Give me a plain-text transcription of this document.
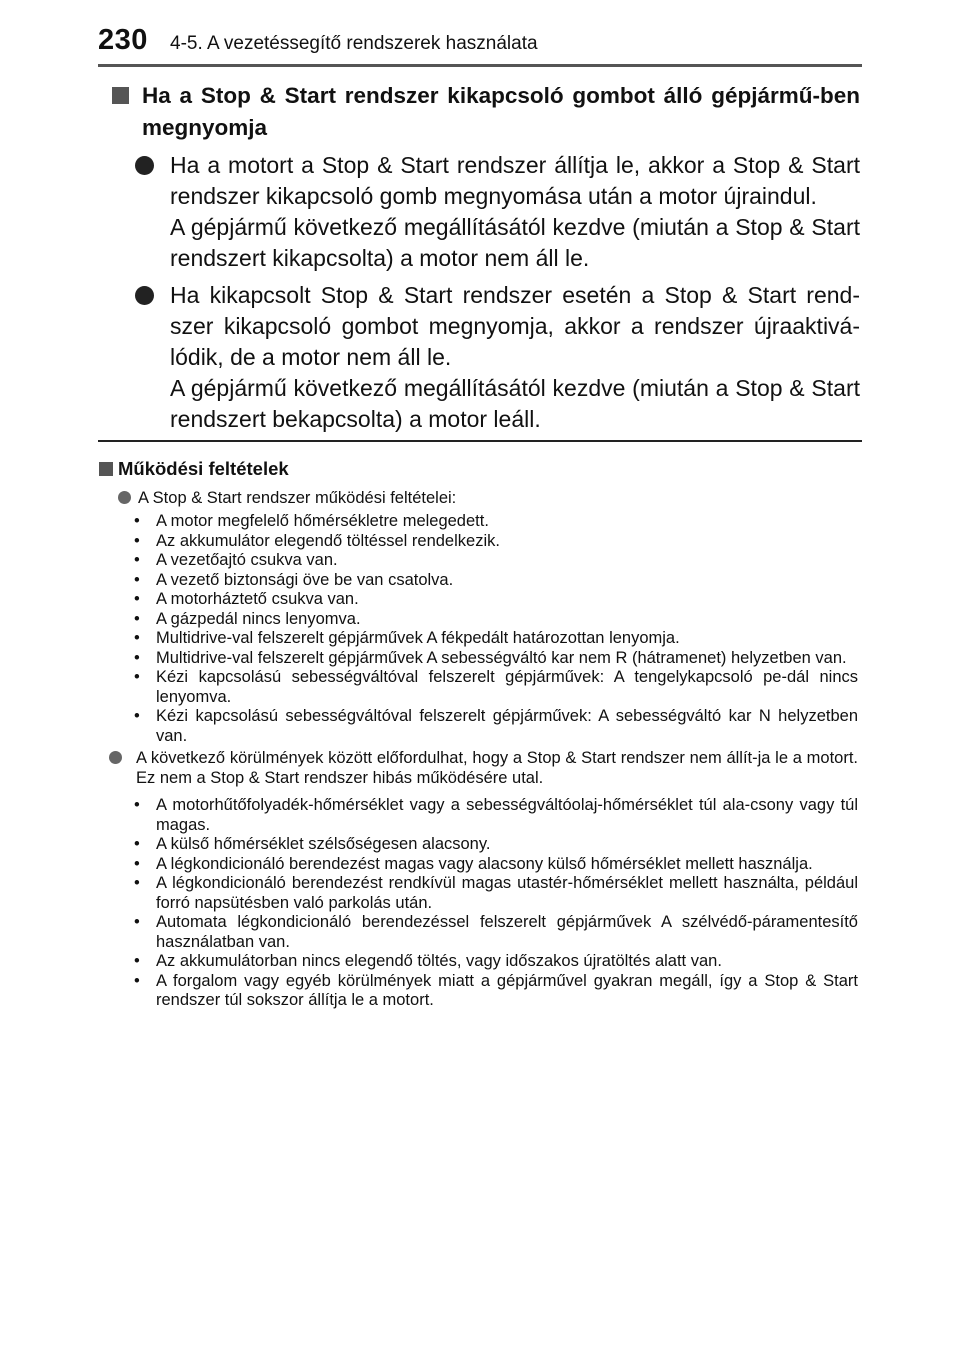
230 4-5. A vezetéssegítő rendszerek használata
Ha a Stop & Start rendszer kikapcsoló gombot álló gépjármű-ben megnyomja

Ha a motort a Stop & Start rendszer állítja le, akkor a Stop & Start rendszer kikapcsoló gomb megnyomása után a motor újraindul.

A gépjármű következő megállításától kezdve (miután a Stop & Start rendszert kikapcsolta) a motor nem áll le.

Ha kikapcsolt Stop & Start rendszer esetén a Stop & Start rend-szer kikapcsoló gombot megnyomja, akkor a rendszer újraaktivá-lódik, de a motor nem áll le.

A gépjármű következő megállításától kezdve (miután a Stop & Start rendszert bekapcsolta) a motor leáll.

Működési feltételek
A Stop & Start rendszer működési feltételei:
• A motor megfelelő hőmérsékletre melegedett.
• Az akkumulátor elegendő töltéssel rendelkezik.
• A vezetőajtó csukva van.
• A vezető biztonsági öve be van csatolva.
• A motorháztető csukva van.
• A gázpedál nincs lenyomva.
• Multidrive-val felszerelt gépjárművek A fékpedált határozottan lenyomja.
• Multidrive-val felszerelt gépjárművek A sebességváltó kar nem R (hátramenet) helyzetben van.
• Kézi kapcsolású sebességváltóval felszerelt gépjárművek: A tengelykapcsoló pe-dál nincs lenyomva.
• Kézi kapcsolású sebességváltóval felszerelt gépjárművek: A sebességváltó kar N helyzetben van.
A következő körülmények között előfordulhat, hogy a Stop & Start rendszer nem állít-ja le a motort. Ez nem a Stop & Start rendszer hibás működésére utal.
• A motorhűtőfolyadék-hőmérséklet vagy a sebességváltóolaj-hőmérséklet túl ala-csony vagy túl magas.
• A külső hőmérséklet szélsőségesen alacsony.
• A légkondicionáló berendezést magas vagy alacsony külső hőmérséklet mellett használja.
• A légkondicionáló berendezést rendkívül magas utastér-hőmérséklet mellett használta, például forró napsütésben való parkolás után.
• Automata légkondicionáló berendezéssel felszerelt gépjárművek A szélvédő-páramentesítő használatban van.
• Az akkumulátorban nincs elegendő töltés, vagy időszakos újratöltés alatt van.
• A forgalom vagy egyéb körülmények miatt a gépjárművel gyakran megáll, így a Stop & Start rendszer túl sokszor állítja le a motort.
